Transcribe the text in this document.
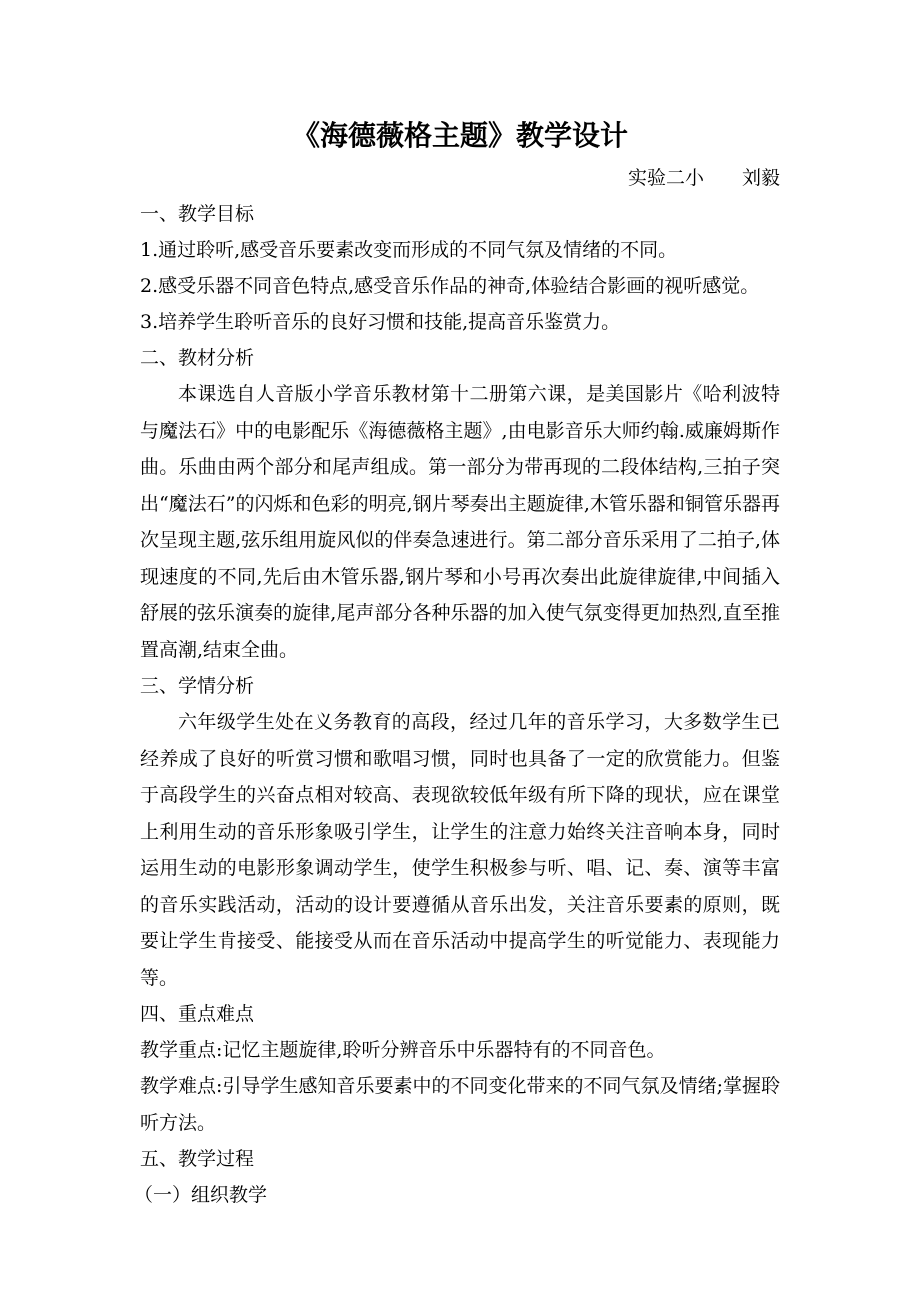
《海德薇格主题》教学设计
实验二小　　刘毅
一、教学目标
1.通过聆听,感受音乐要素改变而形成的不同气氛及情绪的不同。
2.感受乐器不同音色特点,感受音乐作品的神奇,体验结合影画的视听感觉。
3.培养学生聆听音乐的良好习惯和技能,提高音乐鉴赏力。
二、教材分析

本课选自人音版小学音乐教材第十二册第六课，是美国影片《哈利波特与魔法石》中的电影配乐《海德薇格主题》,由电影音乐大师约翰.威廉姆斯作曲。乐曲由两个部分和尾声组成。第一部分为带再现的二段体结构,三拍子突出“魔法石”的闪烁和色彩的明亮,钢片琴奏出主题旋律,木管乐器和铜管乐器再次呈现主题,弦乐组用旋风似的伴奏急速进行。第二部分音乐采用了二拍子,体现速度的不同,先后由木管乐器,钢片琴和小号再次奏出此旋律旋律,中间插入舒展的弦乐演奏的旋律,尾声部分各种乐器的加入使气氛变得更加热烈,直至推置高潮,结束全曲。

三、学情分析

六年级学生处在义务教育的高段，经过几年的音乐学习，大多数学生已经养成了良好的听赏习惯和歌唱习惯，同时也具备了一定的欣赏能力。但鉴于高段学生的兴奋点相对较高、表现欲较低年级有所下降的现状，应在课堂上利用生动的音乐形象吸引学生，让学生的注意力始终关注音响本身，同时运用生动的电影形象调动学生，使学生积极参与听、唱、记、奏、演等丰富的音乐实践活动，活动的设计要遵循从音乐出发，关注音乐要素的原则，既要让学生肯接受、能接受从而在音乐活动中提高学生的听觉能力、表现能力等。

四、重点难点
教学重点:记忆主题旋律,聆听分辨音乐中乐器特有的不同音色。

教学难点:引导学生感知音乐要素中的不同变化带来的不同气氛及情绪;掌握聆听方法。

五、教学过程
（一）组织教学
